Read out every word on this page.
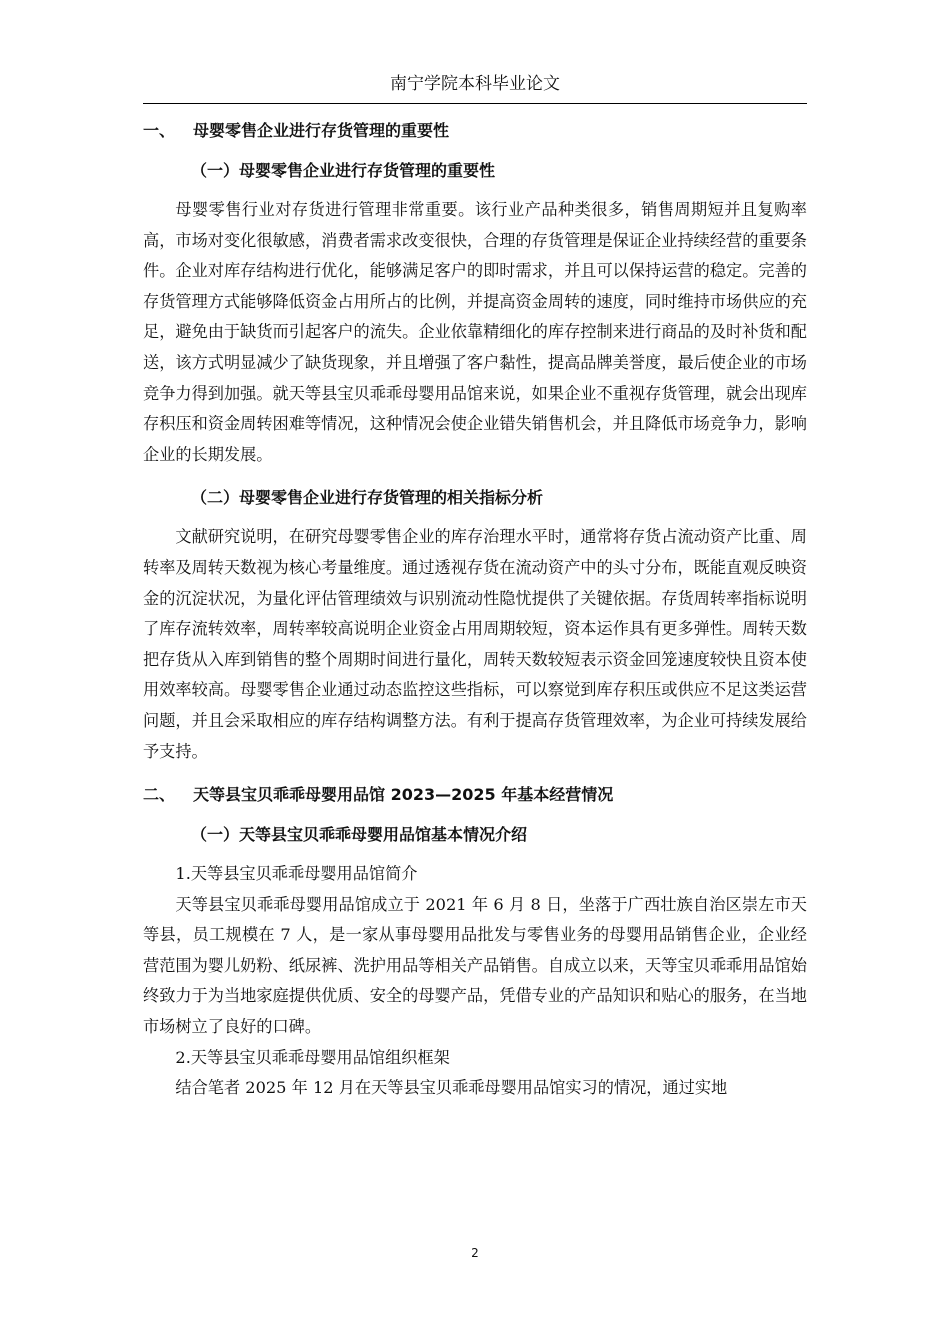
南宁学院本科毕业论文
一、 母婴零售企业进行存货管理的重要性
（一）母婴零售企业进行存货管理的重要性

母婴零售行业对存货进行管理非常重要。该行业产品种类很多，销售周期短并且复购率高，市场对变化很敏感，消费者需求改变很快，合理的存货管理是保证企业持续经营的重要条件。企业对库存结构进行优化，能够满足客户的即时需求，并且可以保持运营的稳定。完善的存货管理方式能够降低资金占用所占的比例，并提高资金周转的速度，同时维持市场供应的充足，避免由于缺货而引起客户的流失。企业依靠精细化的库存控制来进行商品的及时补货和配送，该方式明显减少了缺货现象，并且增强了客户黏性，提高品牌美誉度，最后使企业的市场竞争力得到加强。就天等县宝贝乖乖母婴用品馆来说，如果企业不重视存货管理，就会出现库存积压和资金周转困难等情况，这种情况会使企业错失销售机会，并且降低市场竞争力，影响企业的长期发展。

（二）母婴零售企业进行存货管理的相关指标分析

文献研究说明，在研究母婴零售企业的库存治理水平时，通常将存货占流动资产比重、周转率及周转天数视为核心考量维度。通过透视存货在流动资产中的头寸分布，既能直观反映资金的沉淀状况，为量化评估管理绩效与识别流动性隐忧提供了关键依据。存货周转率指标说明了库存流转效率，周转率较高说明企业资金占用周期较短，资本运作具有更多弹性。周转天数把存货从入库到销售的整个周期时间进行量化，周转天数较短表示资金回笼速度较快且资本使用效率较高。母婴零售企业通过动态监控这些指标，可以察觉到库存积压或供应不足这类运营问题，并且会采取相应的库存结构调整方法。有利于提高存货管理效率，为企业可持续发展给予支持。

二、 天等县宝贝乖乖母婴用品馆 2023—2025 年基本经营情况
（一）天等县宝贝乖乖母婴用品馆基本情况介绍
1.天等县宝贝乖乖母婴用品馆简介

天等县宝贝乖乖母婴用品馆成立于 2021 年 6 月 8 日，坐落于广西壮族自治区崇左市天等县，员工规模在 7 人，是一家从事母婴用品批发与零售业务的母婴用品销售企业，企业经营范围为婴儿奶粉、纸尿裤、洗护用品等相关产品销售。自成立以来，天等宝贝乖乖用品馆始终致力于为当地家庭提供优质、安全的母婴产品，凭借专业的产品知识和贴心的服务，在当地市场树立了良好的口碑。

2.天等县宝贝乖乖母婴用品馆组织框架

结合笔者 2025 年 12 月在天等县宝贝乖乖母婴用品馆实习的情况，通过实地

2
